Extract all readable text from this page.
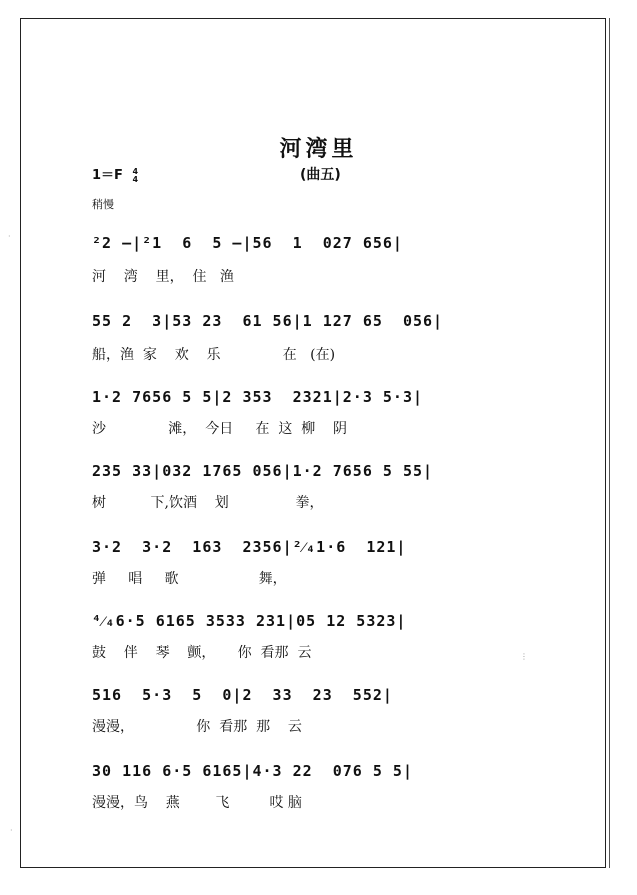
河湾里
1＝F 4
4	(曲五)
稍慢
²2 –|²1  6  5 –|56  1  027 656|
河    湾    里，  住   渔
55 2  3|53 23  61 56|1 127 65  056|
船，渔  家    欢    乐              在   (在)
1·2 7656 5 5|2 353  2321|2·3 5·3|
沙              滩，  今日     在  这  柳    阴
235 33|032 1765 056|1·2 7656 5 55|
树          下,饮酒    划               拳，
3·2  3·2  163  2356|²⁄₄1·6  121|
弹     唱     歌                  舞，
⁴⁄₄6·5 6165 3533 231|05 12 5323|
鼓    伴    琴    颤，     你  看那  云
516  5·3  5  0|2  33  23  552|
漫漫，              你  看那  那    云
30 116 6·5 6165|4·3 22  076 5 5|
漫漫，鸟    燕        飞         哎 脑
·
·
⋮
